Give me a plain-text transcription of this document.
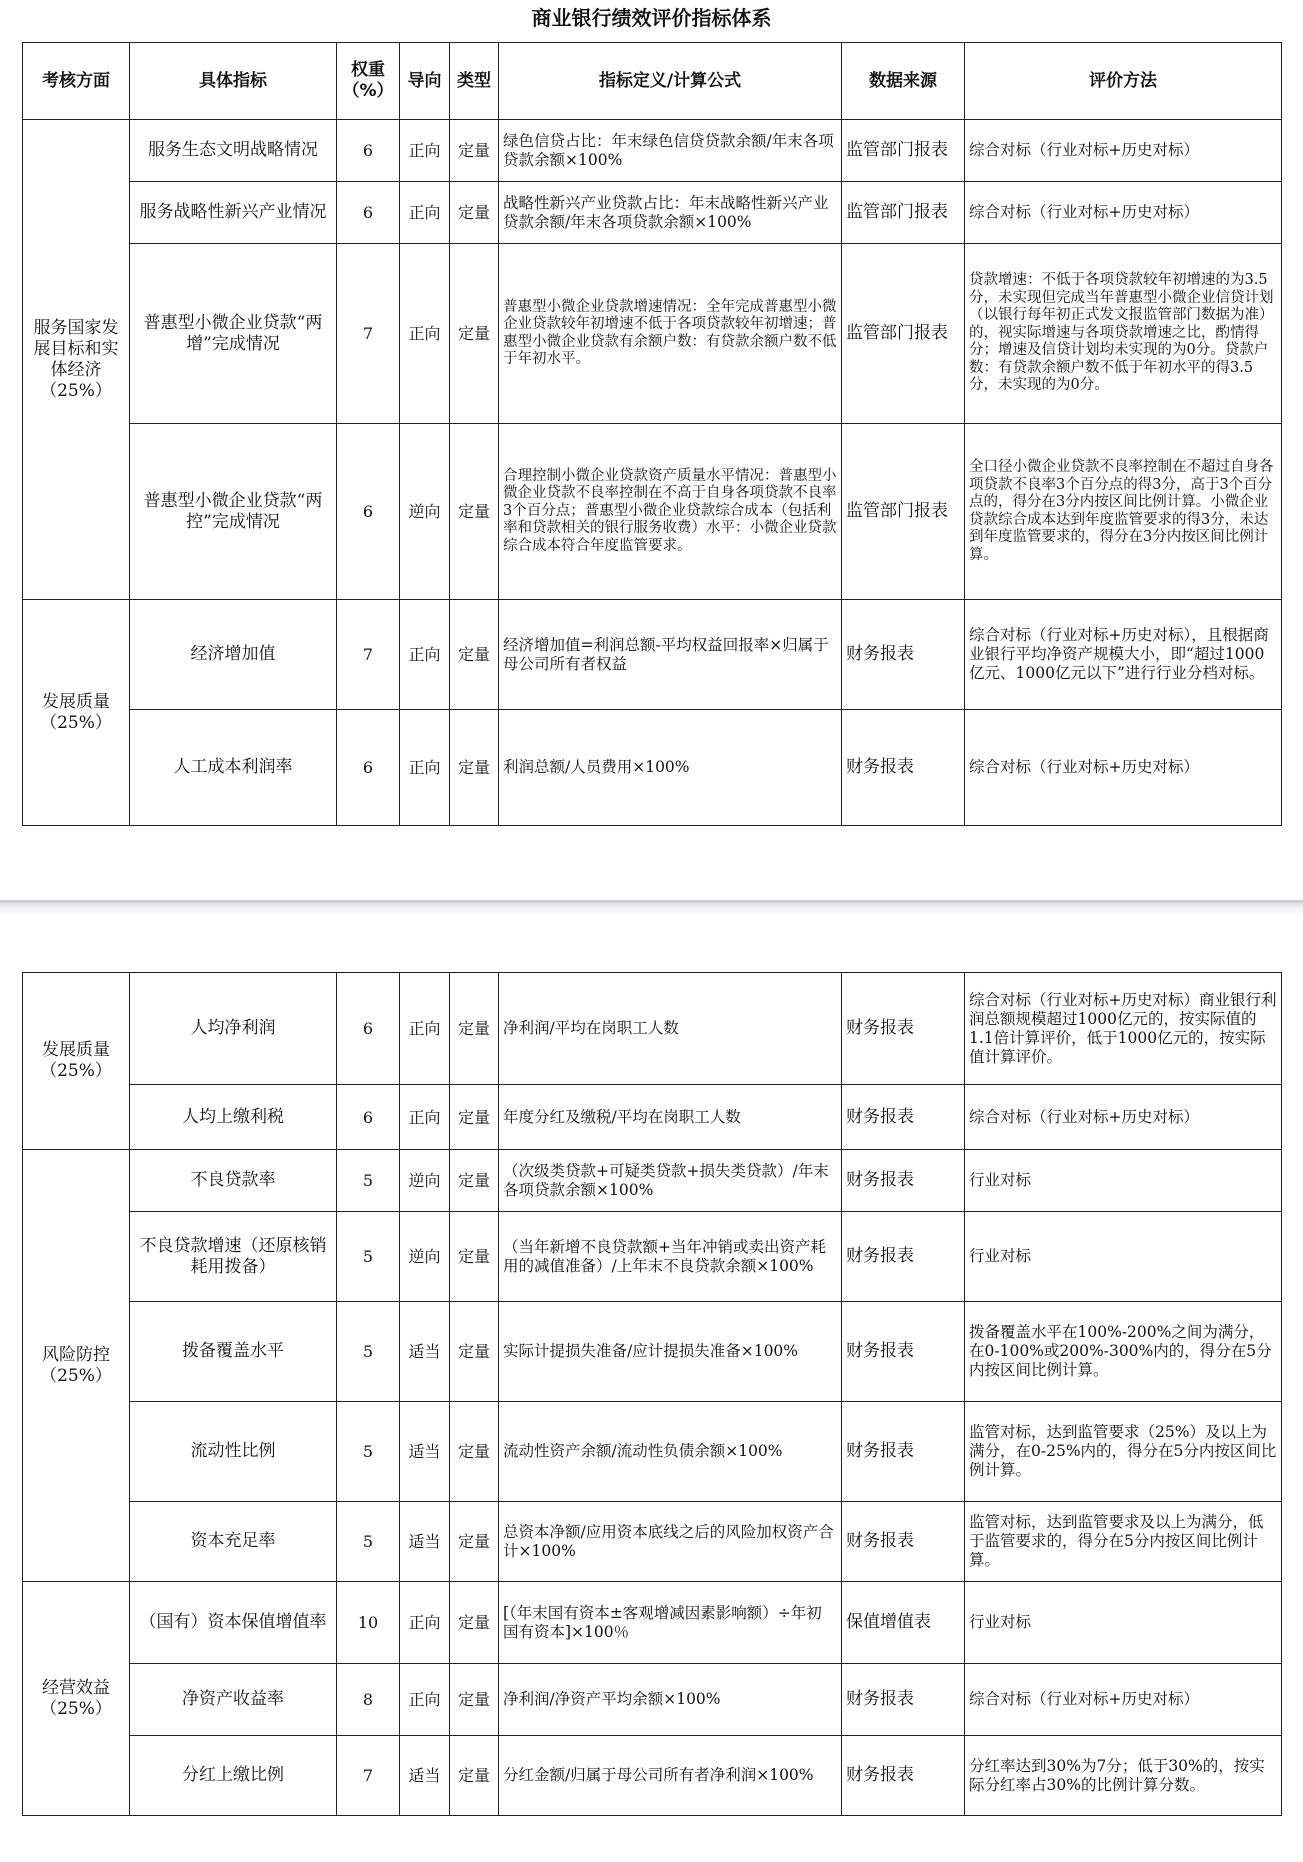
商业银行绩效评价指标体系
考核方面	具体指标	权重（%）	导向	类型	指标定义/计算公式	数据来源	评价方法
服务国家发展目标和实体经济（25%）	服务生态文明战略情况	6	正向	定量	绿色信贷占比：年末绿色信贷贷款余额/年末各项贷款余额×100%	监管部门报表	综合对标（行业对标+历史对标）
	服务战略性新兴产业情况	6	正向	定量	战略性新兴产业贷款占比：年末战略性新兴产业贷款余额/年末各项贷款余额×100%	监管部门报表	综合对标（行业对标+历史对标）
	普惠型小微企业贷款“两增”完成情况	7	正向	定量	普惠型小微企业贷款增速情况：全年完成普惠型小微企业贷款较年初增速不低于各项贷款较年初增速；普惠型小微企业贷款有余额户数：有贷款余额户数不低于年初水平。	监管部门报表	贷款增速：不低于各项贷款较年初增速的为3.5分，未实现但完成当年普惠型小微企业信贷计划（以银行每年初正式发文报监管部门数据为准）的，视实际增速与各项贷款增速之比，酌情得分；增速及信贷计划均未实现的为0分。贷款户数：有贷款余额户数不低于年初水平的得3.5分，未实现的为0分。
	普惠型小微企业贷款“两控”完成情况	6	逆向	定量	合理控制小微企业贷款资产质量水平情况：普惠型小微企业贷款不良率控制在不高于自身各项贷款不良率3个百分点；普惠型小微企业贷款综合成本（包括利率和贷款相关的银行服务收费）水平：小微企业贷款综合成本符合年度监管要求。	监管部门报表	全口径小微企业贷款不良率控制在不超过自身各项贷款不良率3个百分点的得3分，高于3个百分点的，得分在3分内按区间比例计算。小微企业贷款综合成本达到年度监管要求的得3分，未达到年度监管要求的，得分在3分内按区间比例计算。
发展质量（25%）	经济增加值	7	正向	定量	经济增加值=利润总额-平均权益回报率×归属于母公司所有者权益	财务报表	综合对标（行业对标+历史对标），且根据商业银行平均净资产规模大小，即“超过1000亿元、1000亿元以下”进行行业分档对标。
	人工成本利润率	6	正向	定量	利润总额/人员费用×100%	财务报表	综合对标（行业对标+历史对标）
发展质量（25%）	人均净利润	6	正向	定量	净利润/平均在岗职工人数	财务报表	综合对标（行业对标+历史对标）商业银行利润总额规模超过1000亿元的，按实际值的1.1倍计算评价，低于1000亿元的，按实际值计算评价。
	人均上缴利税	6	正向	定量	年度分红及缴税/平均在岗职工人数	财务报表	综合对标（行业对标+历史对标）
风险防控（25%）	不良贷款率	5	逆向	定量	（次级类贷款+可疑类贷款+损失类贷款）/年末各项贷款余额×100%	财务报表	行业对标
	不良贷款增速（还原核销耗用拨备）	5	逆向	定量	（当年新增不良贷款额+当年冲销或卖出资产耗用的减值准备）/上年末不良贷款余额×100%	财务报表	行业对标
	拨备覆盖水平	5	适当	定量	实际计提损失准备/应计提损失准备×100%	财务报表	拨备覆盖水平在100%-200%之间为满分，在0-100%或200%-300%内的，得分在5分内按区间比例计算。
	流动性比例	5	适当	定量	流动性资产余额/流动性负债余额×100%	财务报表	监管对标，达到监管要求（25%）及以上为满分，在0-25%内的，得分在5分内按区间比例计算。
	资本充足率	5	适当	定量	总资本净额/应用资本底线之后的风险加权资产合计×100%	财务报表	监管对标，达到监管要求及以上为满分，低于监管要求的，得分在5分内按区间比例计算。
经营效益（25%）	（国有）资本保值增值率	10	正向	定量	[（年末国有资本±客观增减因素影响额）÷年初国有资本]×100％	保值增值表	行业对标
	净资产收益率	8	正向	定量	净利润/净资产平均余额×100%	财务报表	综合对标（行业对标+历史对标）
	分红上缴比例	7	适当	定量	分红金额/归属于母公司所有者净利润×100%	财务报表	分红率达到30%为7分；低于30%的，按实际分红率占30%的比例计算分数。
